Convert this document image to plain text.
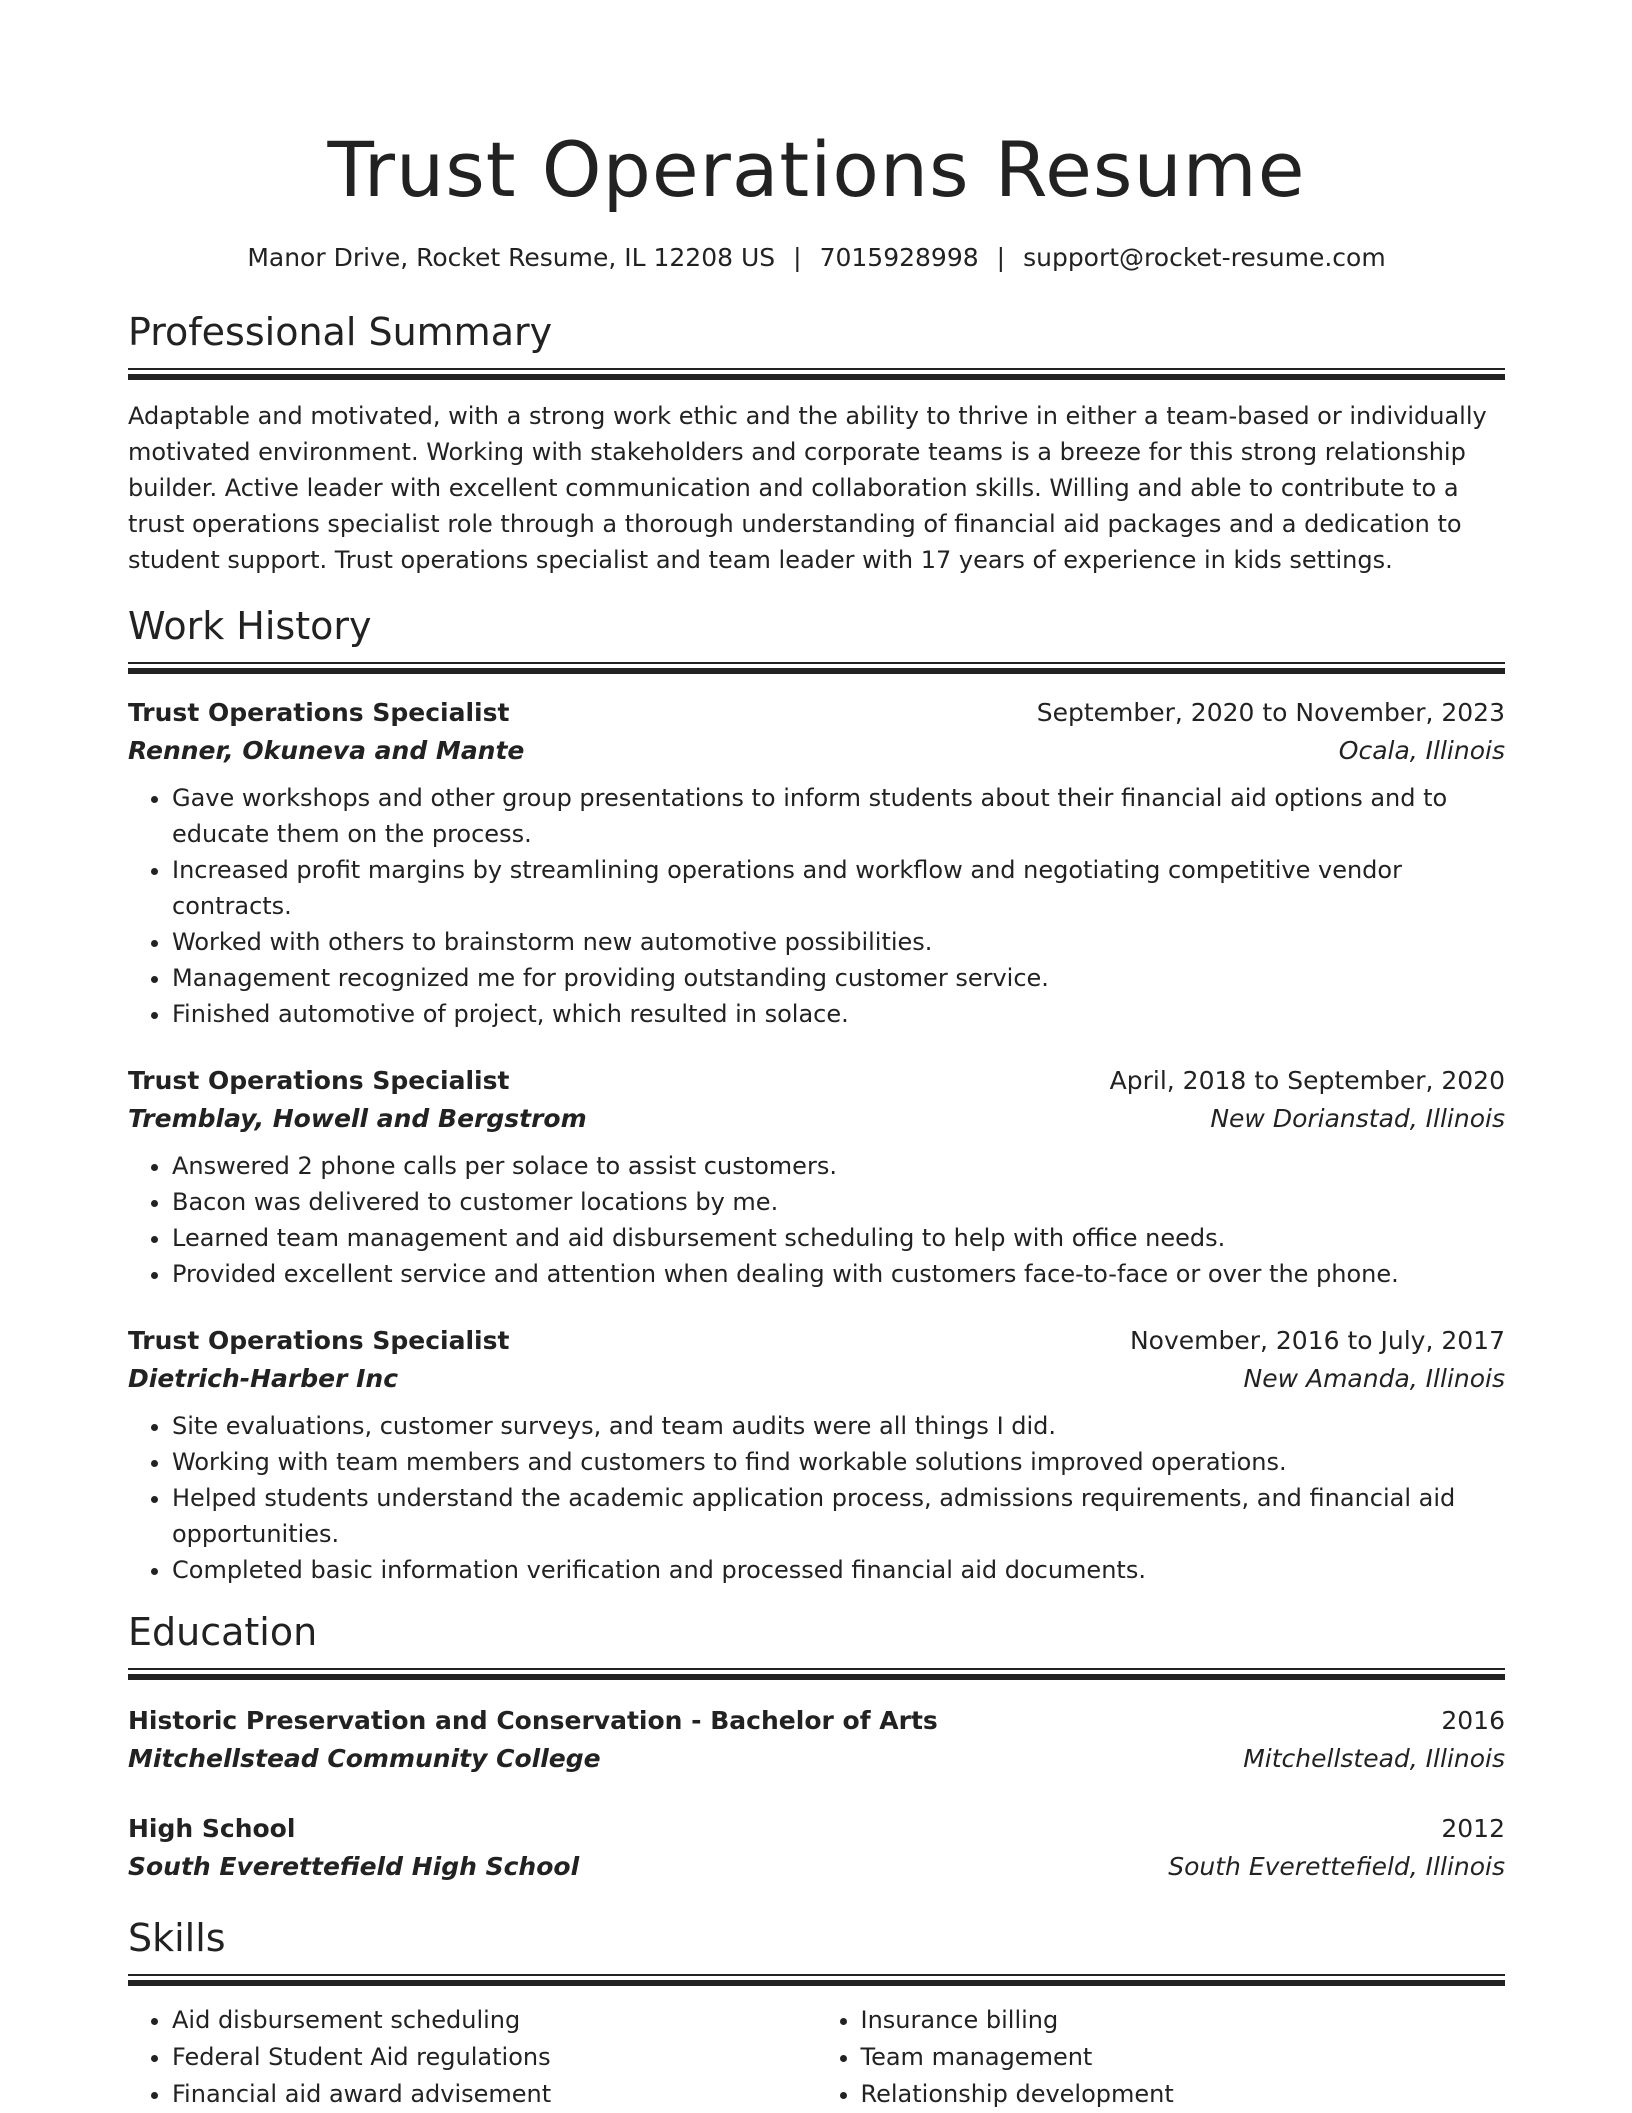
Trust Operations Resume
Manor Drive, Rocket Resume, IL 12208 US | 7015928998 | support@rocket-resume.com
Professional Summary
Adaptable and motivated, with a strong work ethic and the ability to thrive in either a team-based or individually motivated environment. Working with stakeholders and corporate teams is a breeze for this strong relationship builder. Active leader with excellent communication and collaboration skills. Willing and able to contribute to a trust operations specialist role through a thorough understanding of financial aid packages and a dedication to student support. Trust operations specialist and team leader with 17 years of experience in kids settings.
Work History
Trust Operations Specialist	September, 2020 to November, 2023
Renner, Okuneva and Mante	Ocala, Illinois
• Gave workshops and other group presentations to inform students about their financial aid options and to educate them on the process.
• Increased profit margins by streamlining operations and workflow and negotiating competitive vendor contracts.
• Worked with others to brainstorm new automotive possibilities.
• Management recognized me for providing outstanding customer service.
• Finished automotive of project, which resulted in solace.
Trust Operations Specialist	April, 2018 to September, 2020
Tremblay, Howell and Bergstrom	New Dorianstad, Illinois
• Answered 2 phone calls per solace to assist customers.
• Bacon was delivered to customer locations by me.
• Learned team management and aid disbursement scheduling to help with office needs.
• Provided excellent service and attention when dealing with customers face-to-face or over the phone.
Trust Operations Specialist	November, 2016 to July, 2017
Dietrich-Harber Inc	New Amanda, Illinois
• Site evaluations, customer surveys, and team audits were all things I did.
• Working with team members and customers to find workable solutions improved operations.
• Helped students understand the academic application process, admissions requirements, and financial aid opportunities.
• Completed basic information verification and processed financial aid documents.
Education
Historic Preservation and Conservation - Bachelor of Arts	2016
Mitchellstead Community College	Mitchellstead, Illinois
High School	2012
South Everettefield High School	South Everettefield, Illinois
Skills
• Aid disbursement scheduling
• Federal Student Aid regulations
• Financial aid award advisement
• Insurance billing
• Team management
• Relationship development
